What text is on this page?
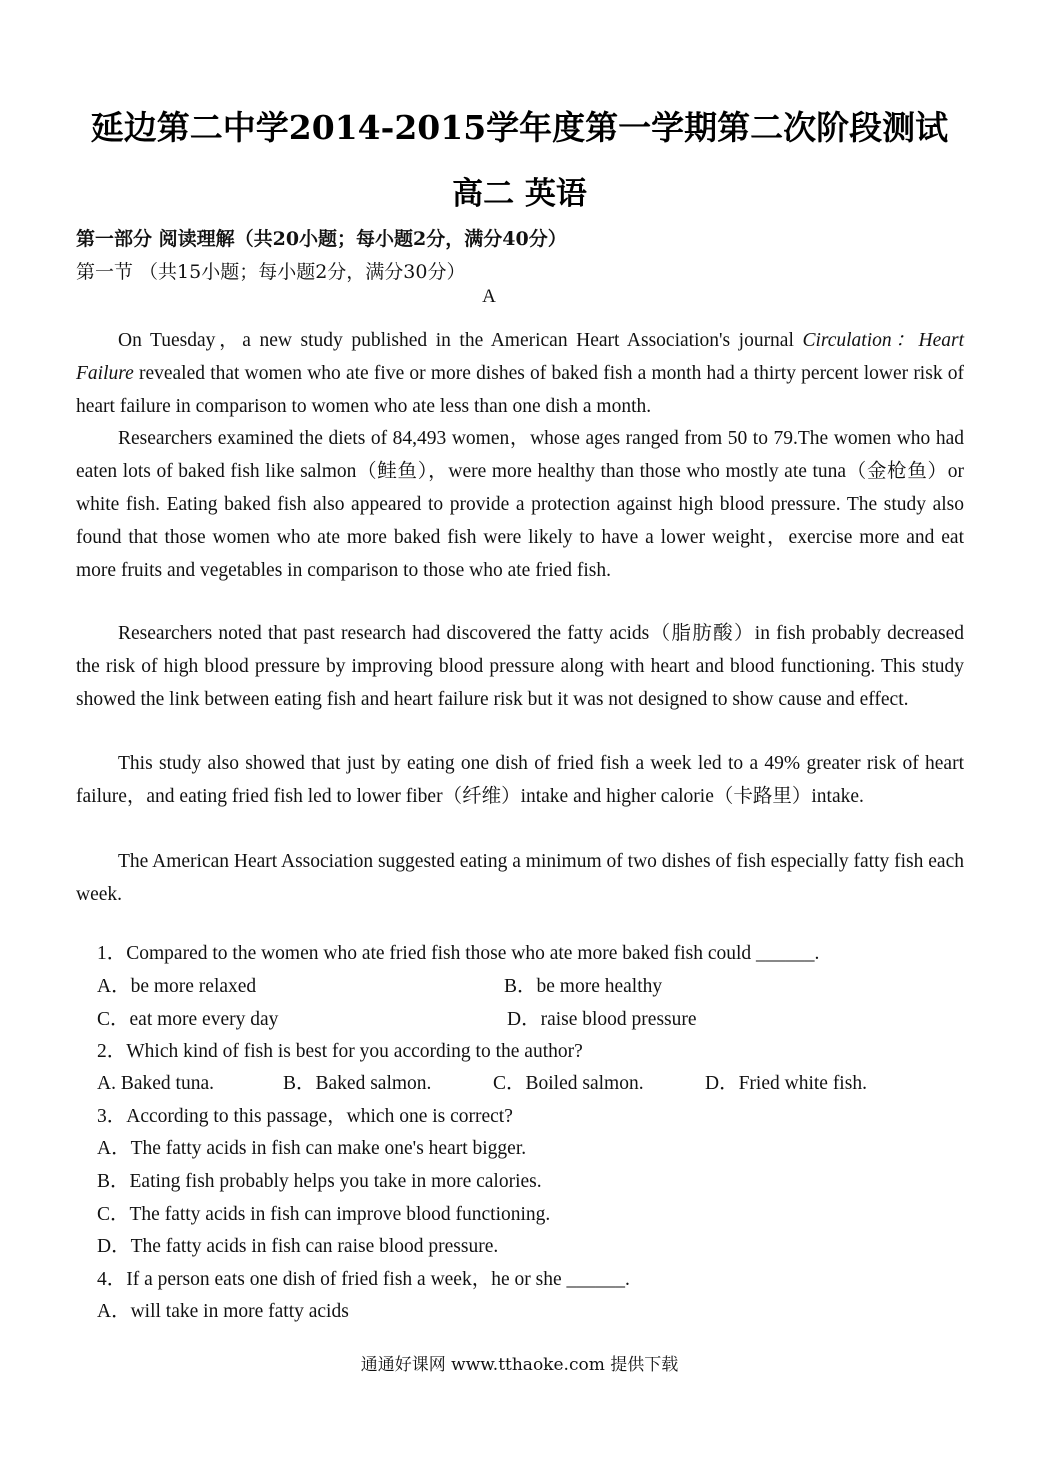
延边第二中学2014-2015学年度第一学期第二次阶段测试
高二 英语
第一部分 阅读理解（共20小题；每小题2分，满分40分）
第一节 （共15小题；每小题2分，满分30分）
A

On Tuesday，a new study published in the American Heart Association's journal Circulation：Heart Failure revealed that women who ate five or more dishes of baked fish a month had a thirty percent lower risk of heart failure in comparison to women who ate less than one dish a month.

Researchers examined the diets of 84,493 women，whose ages ranged from 50 to 79.The women who had eaten lots of baked fish like salmon（鲑鱼），were more healthy than those who mostly ate tuna（金枪鱼）or white fish. Eating baked fish also appeared to provide a protection against high blood pressure. The study also found that those women who ate more baked fish were likely to have a lower weight，exercise more and eat more fruits and vegetables in comparison to those who ate fried fish.

Researchers noted that past research had discovered the fatty acids（脂肪酸）in fish probably decreased the risk of high blood pressure by improving blood pressure along with heart and blood functioning. This study showed the link between eating fish and heart failure risk but it was not designed to show cause and effect.

This study also showed that just by eating one dish of fried fish a week led to a 49% greater risk of heart failure，and eating fried fish led to lower fiber（纤维）intake and higher calorie（卡路里）intake.

The American Heart Association suggested eating a minimum of two dishes of fish especially fatty fish each week.

1．Compared to the women who ate fried fish those who ate more baked fish could ______.
A．be more relaxed	B．be more healthy
C．eat more every day	D．raise blood pressure
2．Which kind of fish is best for you according to the author?
A. Baked tuna.	B．Baked salmon.	C．Boiled salmon.	D．Fried white fish.
3．According to this passage，which one is correct?
A．The fatty acids in fish can make one's heart bigger.
B．Eating fish probably helps you take in more calories.
C．The fatty acids in fish can improve blood functioning.
D．The fatty acids in fish can raise blood pressure.
4．If a person eats one dish of fried fish a week，he or she ______.
A．will take in more fatty acids
通通好课网 www.tthaoke.com 提供下载
